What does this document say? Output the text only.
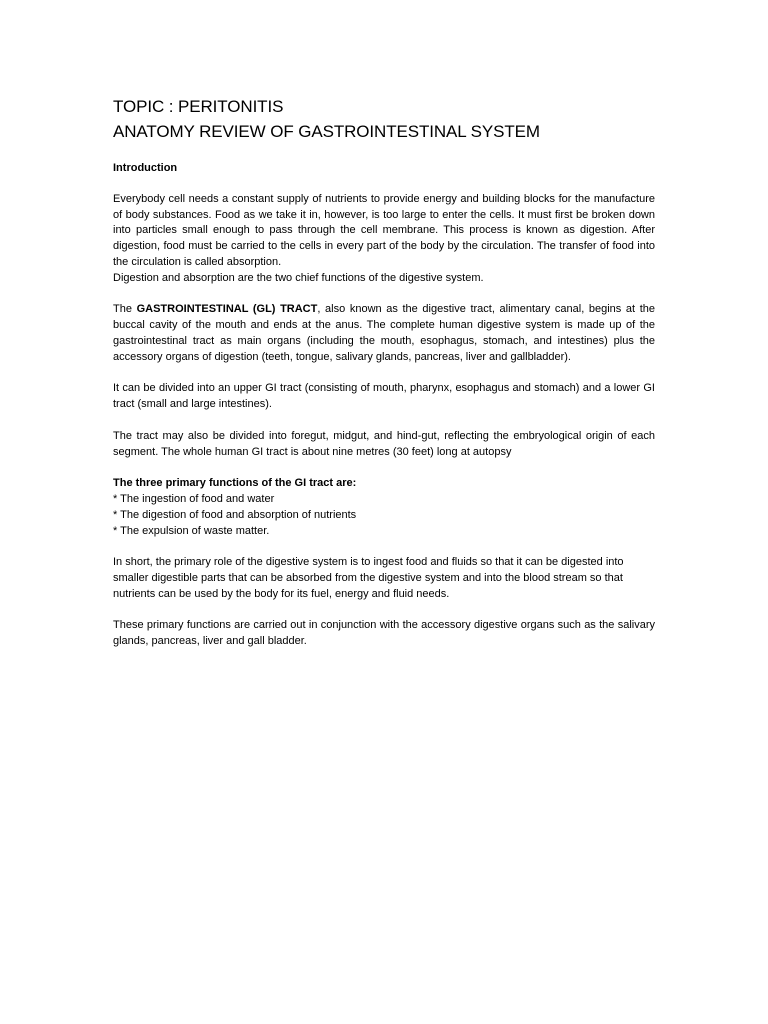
TOPIC : PERITONITIS
ANATOMY REVIEW OF GASTROINTESTINAL SYSTEM
Introduction

Everybody cell needs a constant supply of nutrients to provide energy and building blocks for the manufacture of body substances. Food as we take it in, however, is too large to enter the cells. It must first be broken down into particles small enough to pass through the cell membrane. This process is known as digestion. After digestion, food must be carried to the cells in every part of the body by the circulation. The transfer of food into the circulation is called absorption.

Digestion and absorption are the two chief functions of the digestive system.

The GASTROINTESTINAL (GL) TRACT, also known as the digestive tract, alimentary canal, begins at the buccal cavity of the mouth and ends at the anus. The complete human digestive system is made up of the gastrointestinal tract as main organs (including the mouth, esophagus, stomach, and intestines) plus the accessory organs of digestion (teeth, tongue, salivary glands, pancreas, liver and gallbladder).

It can be divided into an upper GI tract (consisting of mouth, pharynx, esophagus and stomach) and a lower GI tract (small and large intestines).

The tract may also be divided into foregut, midgut, and hind-gut, reflecting the embryological origin of each segment. The whole human GI tract is about nine metres (30 feet) long at autopsy

The three primary functions of the GI tract are:
* The ingestion of food and water
* The digestion of food and absorption of nutrients
* The expulsion of waste matter.

In short, the primary role of the digestive system is to ingest food and fluids so that it can be digested into smaller digestible parts that can be absorbed from the digestive system and into the blood stream so that nutrients can be used by the body for its fuel, energy and fluid needs.

These primary functions are carried out in conjunction with the accessory digestive organs such as the salivary glands, pancreas, liver and gall bladder.
